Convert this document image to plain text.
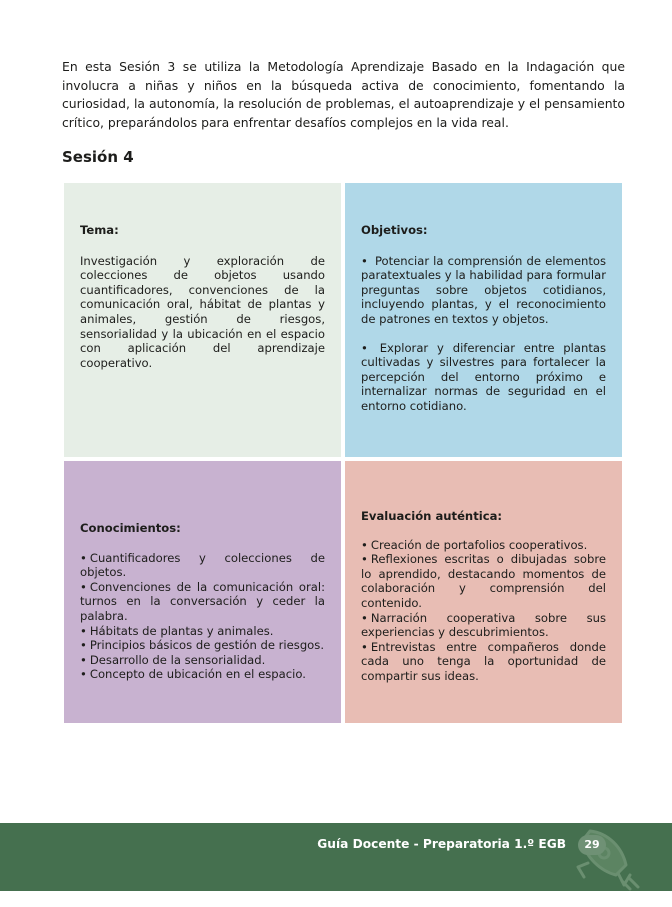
En esta Sesión 3 se utiliza la Metodología Aprendizaje Basado en la Indagación que involucra a niñas y niños en la búsqueda activa de conocimiento, fomentando la curiosidad, la autonomía, la resolución de problemas, el autoaprendizaje y el pensamiento crítico, preparándolos para enfrentar desafíos complejos en la vida real.

Sesión 4
Tema:

Investigación y exploración de colecciones de objetos usando cuantificadores, convenciones de la comunicación oral, hábitat de plantas y animales, gestión de riesgos, sensorialidad y la ubicación en el espacio con aplicación del aprendizaje cooperativo.

Objetivos:
• Potenciar la comprensión de elementos paratextuales y la habilidad para formular preguntas sobre objetos cotidianos, incluyendo plantas, y el reconocimiento de patrones en textos y objetos.
• Explorar y diferenciar entre plantas cultivadas y silvestres para fortalecer la percepción del entorno próximo e internalizar normas de seguridad en el entorno cotidiano.
Conocimientos:
• Cuantificadores y colecciones de objetos.
• Convenciones de la comunicación oral: turnos en la conversación y ceder la palabra.
• Hábitats de plantas y animales.
• Principios básicos de gestión de riesgos.
• Desarrollo de la sensorialidad.
• Concepto de ubicación en el espacio.
Evaluación auténtica:
• Creación de portafolios cooperativos.
• Reflexiones escritas o dibujadas sobre lo aprendido, destacando momentos de colaboración y comprensión del contenido.
• Narración cooperativa sobre sus experiencias y descubrimientos.
• Entrevistas entre compañeros donde cada uno tenga la oportunidad de compartir sus ideas.
Guía Docente - Preparatoria 1.º EGB	29
